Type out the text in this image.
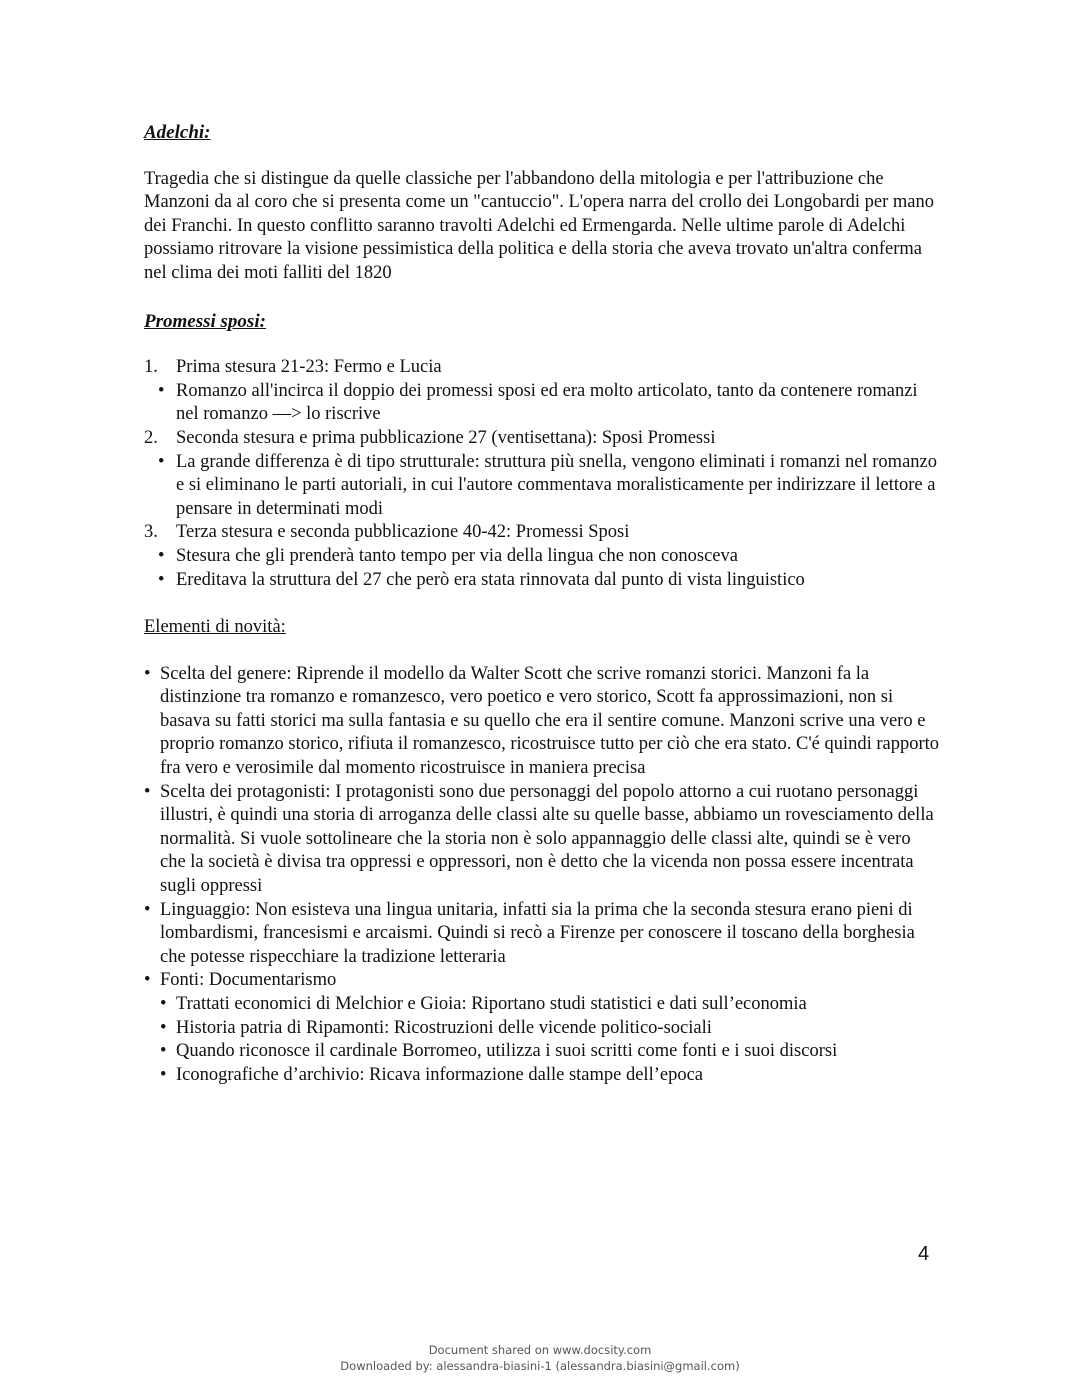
Adelchi:

Tragedia che si distingue da quelle classiche per l'abbandono della mitologia e per l'attribuzione che Manzoni da al coro che si presenta come un "cantuccio". L'opera narra del crollo dei Longobardi per mano dei Franchi. In questo conflitto saranno travolti Adelchi ed Ermengarda. Nelle ultime parole di Adelchi possiamo ritrovare la visione pessimistica della politica e della storia che aveva trovato un'altra conferma nel clima dei moti falliti del 1820

Promessi sposi:

1. Prima stesura 21-23: Fermo e Lucia
• Romanzo all'incirca il doppio dei promessi sposi ed era molto articolato, tanto da contenere romanzi nel romanzo —> lo riscrive
2. Seconda stesura e prima pubblicazione 27 (ventisettana): Sposi Promessi
• La grande differenza è di tipo strutturale: struttura più snella, vengono eliminati i romanzi nel romanzo e si eliminano le parti autoriali, in cui l'autore commentava moralisticamente per indirizzare il lettore a pensare in determinati modi
3. Terza stesura e seconda pubblicazione 40-42: Promessi Sposi
• Stesura che gli prenderà tanto tempo per via della lingua che non conosceva
• Ereditava la struttura del 27 che però era stata rinnovata dal punto di vista linguistico

Elementi di novità:

• Scelta del genere: Riprende il modello da Walter Scott che scrive romanzi storici. Manzoni fa la distinzione tra romanzo e romanzesco, vero poetico e vero storico, Scott fa approssimazioni, non si basava su fatti storici ma sulla fantasia e su quello che era il sentire comune. Manzoni scrive una vero e proprio romanzo storico, rifiuta il romanzesco, ricostruisce tutto per ciò che era stato. C'é quindi rapporto fra vero e verosimile dal momento ricostruisce in maniera precisa
• Scelta dei protagonisti: I protagonisti sono due personaggi del popolo attorno a cui ruotano personaggi illustri, è quindi una storia di arroganza delle classi alte su quelle basse, abbiamo un rovesciamento della normalità. Si vuole sottolineare che la storia non è solo appannaggio delle classi alte, quindi se è vero che la società è divisa tra oppressi e oppressori, non è detto che la vicenda non possa essere incentrata sugli oppressi
• Linguaggio: Non esisteva una lingua unitaria, infatti sia la prima che la seconda stesura erano pieni di lombardismi, francesismi e arcaismi. Quindi si recò a Firenze per conoscere il toscano della borghesia che potesse rispecchiare la tradizione letteraria
• Fonti: Documentarismo
• Trattati economici di Melchior e Gioia: Riportano studi statistici e dati sull’economia
• Historia patria di Ripamonti: Ricostruzioni delle vicende politico-sociali
• Quando riconosce il cardinale Borromeo, utilizza i suoi scritti come fonti e i suoi discorsi
• Iconografiche d’archivio: Ricava informazione dalle stampe dell’epoca
4
Document shared on www.docsity.com
Downloaded by: alessandra-biasini-1 (alessandra.biasini@gmail.com)
